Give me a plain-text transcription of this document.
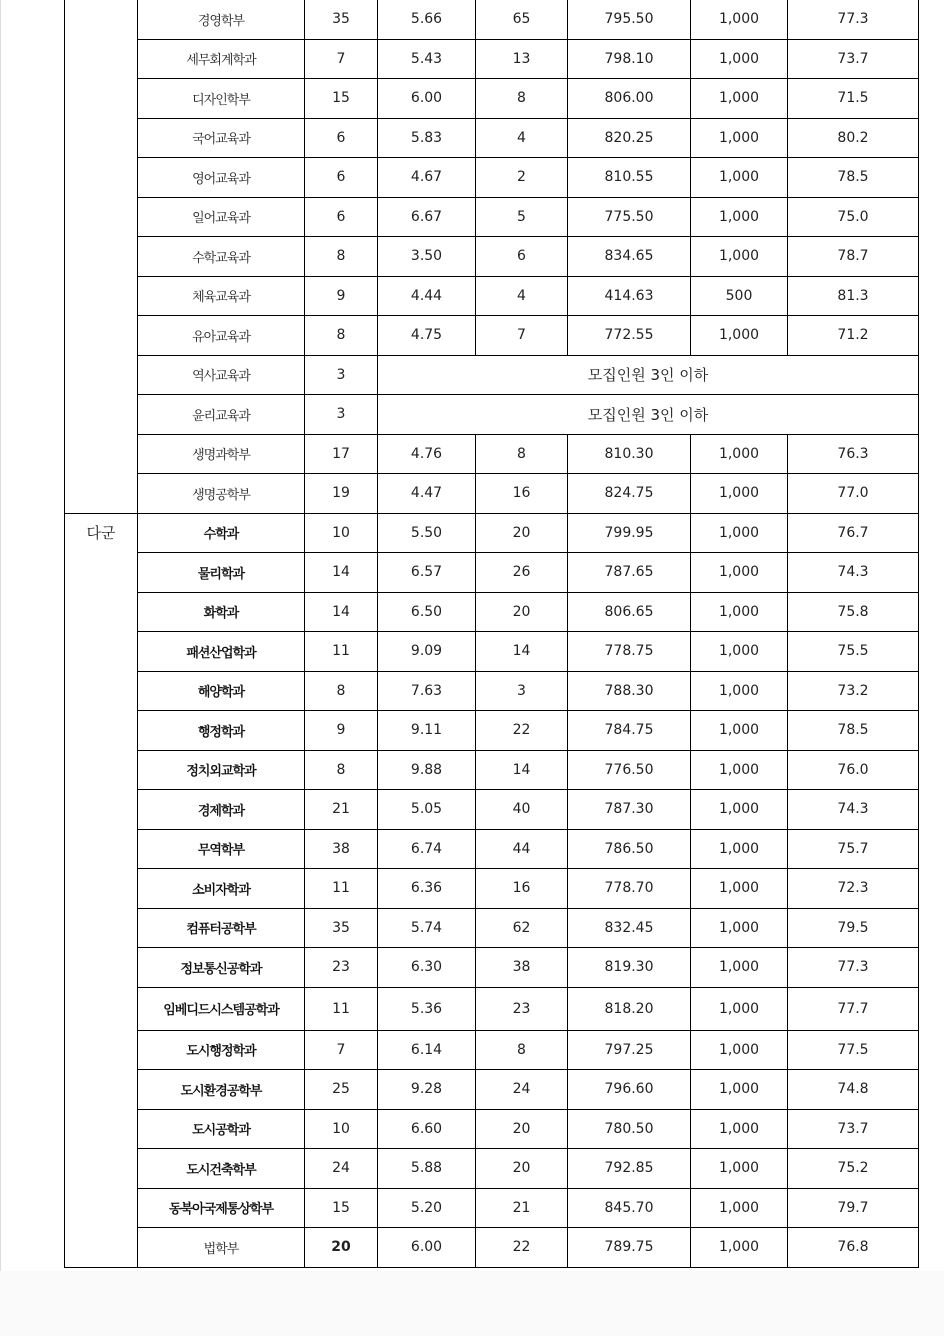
	경영학부	35	5.66	65	795.50	1,000	77.3
	세무회계학과	7	5.43	13	798.10	1,000	73.7
	디자인학부	15	6.00	8	806.00	1,000	71.5
	국어교육과	6	5.83	4	820.25	1,000	80.2
	영어교육과	6	4.67	2	810.55	1,000	78.5
	일어교육과	6	6.67	5	775.50	1,000	75.0
	수학교육과	8	3.50	6	834.65	1,000	78.7
	체육교육과	9	4.44	4	414.63	500	81.3
	유아교육과	8	4.75	7	772.55	1,000	71.2
	역사교육과	3	모집인원 3인 이하				
	윤리교육과	3	모집인원 3인 이하				
	생명과학부	17	4.76	8	810.30	1,000	76.3
	생명공학부	19	4.47	16	824.75	1,000	77.0
다군	수학과	10	5.50	20	799.95	1,000	76.7
	물리학과	14	6.57	26	787.65	1,000	74.3
	화학과	14	6.50	20	806.65	1,000	75.8
	패션산업학과	11	9.09	14	778.75	1,000	75.5
	해양학과	8	7.63	3	788.30	1,000	73.2
	행정학과	9	9.11	22	784.75	1,000	78.5
	정치외교학과	8	9.88	14	776.50	1,000	76.0
	경제학과	21	5.05	40	787.30	1,000	74.3
	무역학부	38	6.74	44	786.50	1,000	75.7
	소비자학과	11	6.36	16	778.70	1,000	72.3
	컴퓨터공학부	35	5.74	62	832.45	1,000	79.5
	정보통신공학과	23	6.30	38	819.30	1,000	77.3
	임베디드시스템공학과	11	5.36	23	818.20	1,000	77.7
	도시행정학과	7	6.14	8	797.25	1,000	77.5
	도시환경공학부	25	9.28	24	796.60	1,000	74.8
	도시공학과	10	6.60	20	780.50	1,000	73.7
	도시건축학부	24	5.88	20	792.85	1,000	75.2
	동북아국제통상학부	15	5.20	21	845.70	1,000	79.7
	법학부	20	6.00	22	789.75	1,000	76.8
